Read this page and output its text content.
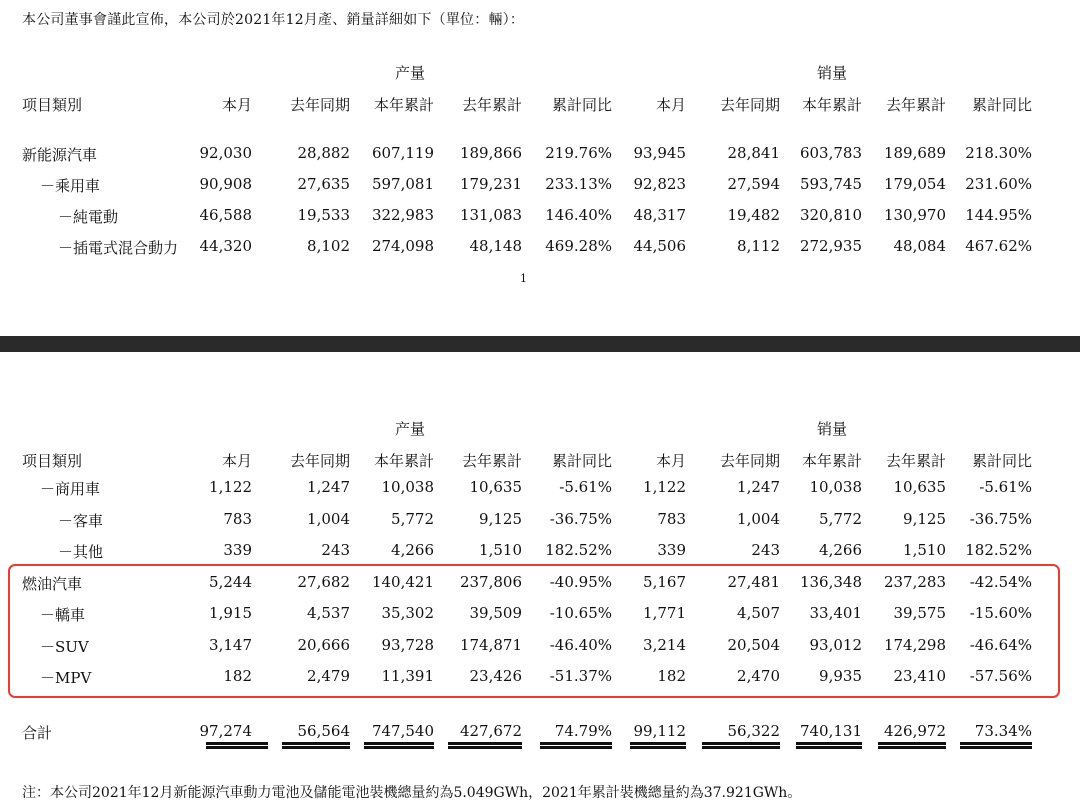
本公司董事會謹此宣佈，本公司於2021年12月產、銷量詳細如下（單位：輛）：
产量	销量
项目類別	本月	去年同期 本年累計 去年累計 累計同比	本月 去年同期 本年累計 去年累計 累計同比
新能源汽車	92,030	28,882 607,119 189,866 219.76% 93,945	28,841 603,783 189,689 218.30%
－乘用車	90,908	27,635 597,081 179,231 233.13% 92,823	27,594 593,745 179,054 231.60%
－純電動	46,588	19,533 322,983 131,083 146.40% 48,317	19,482 320,810 130,970 144.95%
－插電式混合動力 44,320	8,102 274,098 48,148 469.28% 44,506	8,112 272,935 48,084 467.62%
1
产量	销量
项目類別	本月	去年同期 本年累計 去年累計 累計同比	本月 去年同期 本年累計 去年累計 累計同比
－商用車	1,122	1,247 10,038 10,635 -5.61% 1,122	1,247 10,038 10,635 -5.61%
－客車	783	1,004	5,772	9,125 -36.75%	783	1,004	5,772	9,125 -36.75%
－其他	339	243	4,266	1,510 182.52%	339	243	4,266	1,510 182.52%
燃油汽車	5,244	27,682 140,421 237,806 -40.95% 5,167	27,481 136,348 237,283 -42.54%
－轎車	1,915	4,537 35,302 39,509 -10.65% 1,771	4,507 33,401 39,575 -15.60%
－SUV	3,147	20,666 93,728 174,871 -46.40% 3,214	20,504 93,012 174,298 -46.64%
－MPV	182	2,479 11,391 23,426 -51.37%	182	2,470	9,935 23,410 -57.56%
合計	97,274	56,564 747,540 427,672 74.79% 99,112	56,322 740,131 426,972 73.34%
注：本公司2021年12月新能源汽車動力電池及儲能電池裝機總量約為5.049GWh，2021年累計裝機總量約為37.921GWh。
